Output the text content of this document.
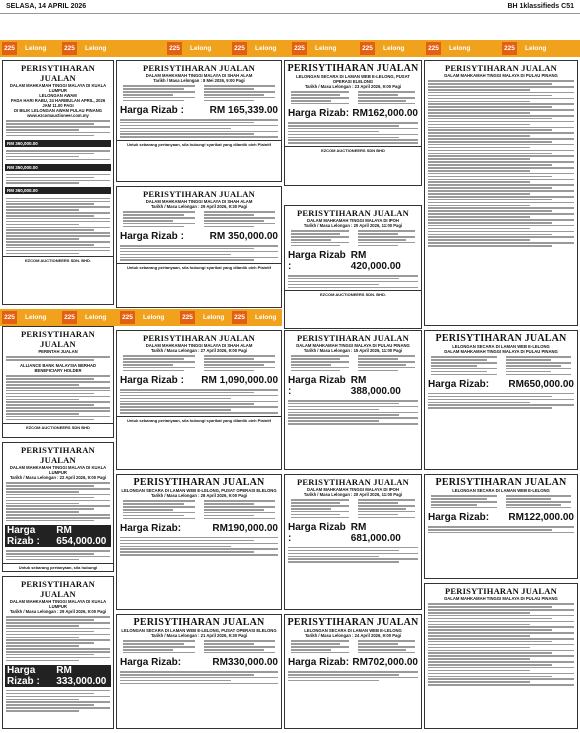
SELASA, 14 APRIL 2026	BH 1klassifieds C51
225	Lelong	225	Lelong	225	Lelong	225	Lelong	225	Lelong	225	Lelong	225	Lelong	225	Lelong
225	Lelong	225	Lelong	225	Lelong	225	Lelong	225	Lelong
PERISYTIHARAN JUALAN
DALAM MAHKAMAH TINGGI MALAYA DI KUALA LUMPUR
LELONGAN AWAM
PADA HARI RABU, 24 HARIBULAN APRIL, 2026
JAM 11.00 PAGI
DI BILIK LELONGAN AWAM PULAU PINANG
www.ezcomauctioneer.com.my
RM 360,000.00
RM 350,000.00
RM 360,000.00
EZCOM AUCTIONEERS SDN. BHD.
PERISYTIHARAN JUALAN
PERINTAH JUALAN
ALLIANCE BANK MALAYSIA BERHAD
BENEFICIARY HOLDER
EZCOM AUCTIONEERS SDN BHD
PERISYTIHARAN JUALAN
DALAM MAHKAMAH TINGGI MALAYA DI KUALA LUMPUR
Tarikh / Masa Lelongan : 22 April 2026, 9:00 Pagi
Harga Rizab :
RM 654,000.00
Untuk sebarang pertanyaan, sila hubungi
PERISYTIHARAN JUALAN
DALAM MAHKAMAH TINGGI MALAYA DI KUALA LUMPUR
Tarikh / Masa Lelongan : 29 April 2026, 9:00 Pagi
Harga Rizab :
RM 333,000.00
PERISYTIHARAN JUALAN
DALAM MAHKAMAH TINGGI MALAYA DI SHAH ALAM
Tarikh / Masa Lelongan : 8 Mei 2026, 9:00 Pagi
Harga Rizab :	RM 165,339.00
Untuk sebarang pertanyaan, sila hubungi syarikat yang dilantik oleh Plaintif
PERISYTIHARAN JUALAN
DALAM MAHKAMAH TINGGI MALAYA DI SHAH ALAM
Tarikh / Masa Lelongan : 29 April 2026, 9:30 Pagi
Harga Rizab :	RM 350,000.00
Untuk sebarang pertanyaan, sila hubungi syarikat yang dilantik oleh Plaintif
PERISYTIHARAN JUALAN
DALAM MAHKAMAH TINGGI MALAYA DI SHAH ALAM
Tarikh / Masa Lelongan : 27 April 2026, 9:00 Pagi
Harga Rizab : RM 1,090,000.00
Untuk sebarang pertanyaan, sila hubungi syarikat yang dilantik oleh Plaintif
PERISYTIHARAN JUALAN
LELONGAN SECARA DI LAMAN WEB E-LELONG, PUSAT OPERASI ELELONG
Tarikh / Masa Lelongan : 28 April 2026, 9:00 Pagi
Harga Rizab:	RM190,000.00
PERISYTIHARAN JUALAN
LELONGAN SECARA DI LAMAN WEB E-LELONG, PUSAT OPERASI ELELONG
Tarikh / Masa Lelongan : 21 April 2026, 9:30 Pagi
Harga Rizab:	RM330,000.00
PERISYTIHARAN JUALAN
LELONGAN SECARA DI LAMAN WEB E-LELONG, PUSAT OPERASI ELELONG
Tarikh / Masa Lelongan : 23 April 2026, 9:00 Pagi
Harga Rizab: RM162,000.00
EZCOM AUCTIONEERS SDN BHD
PERISYTIHARAN JUALAN
DALAM MAHKAMAH TINGGI MALAYA DI IPOH
Tarikh / Masa Lelongan : 20 April 2026, 11:00 Pagi
Harga Rizab :
RM 420,000.00
EZCOM AUCTIONEERS SDN. BHD.
PERISYTIHARAN JUALAN
DALAM MAHKAMAH TINGGI MALAYA DI PULAU PINANG
Tarikh / Masa Lelongan : 15 April 2026, 11:00 Pagi
Harga Rizab :
RM 388,000.00
PERISYTIHARAN JUALAN
DALAM MAHKAMAH TINGGI MALAYA DI IPOH
Tarikh / Masa Lelongan : 20 April 2026, 11:00 Pagi
Harga Rizab :
RM 681,000.00
PERISYTIHARAN JUALAN
LELONGAN SECARA DI LAMAN WEB E-LELONG
Tarikh / Masa Lelongan : 24 April 2026, 9:00 Pagi
Harga Rizab: RM702,000.00
PERISYTIHARAN JUALAN
DALAM MAHKAMAH TINGGI MALAYA DI PULAU PINANG
PERISYTIHARAN JUALAN
LELONGAN SECARA DI LAMAN WEB E-LELONG
DALAM MAHKAMAH TINGGI MALAYA DI PULAU PINANG
Harga Rizab: RM650,000.00
PERISYTIHARAN JUALAN
LELONGAN SECARA DI LAMAN WEB E-LELONG
Harga Rizab: RM122,000.00
PERISYTIHARAN JUALAN
DALAM MAHKAMAH TINGGI MALAYA DI PULAU PINANG
